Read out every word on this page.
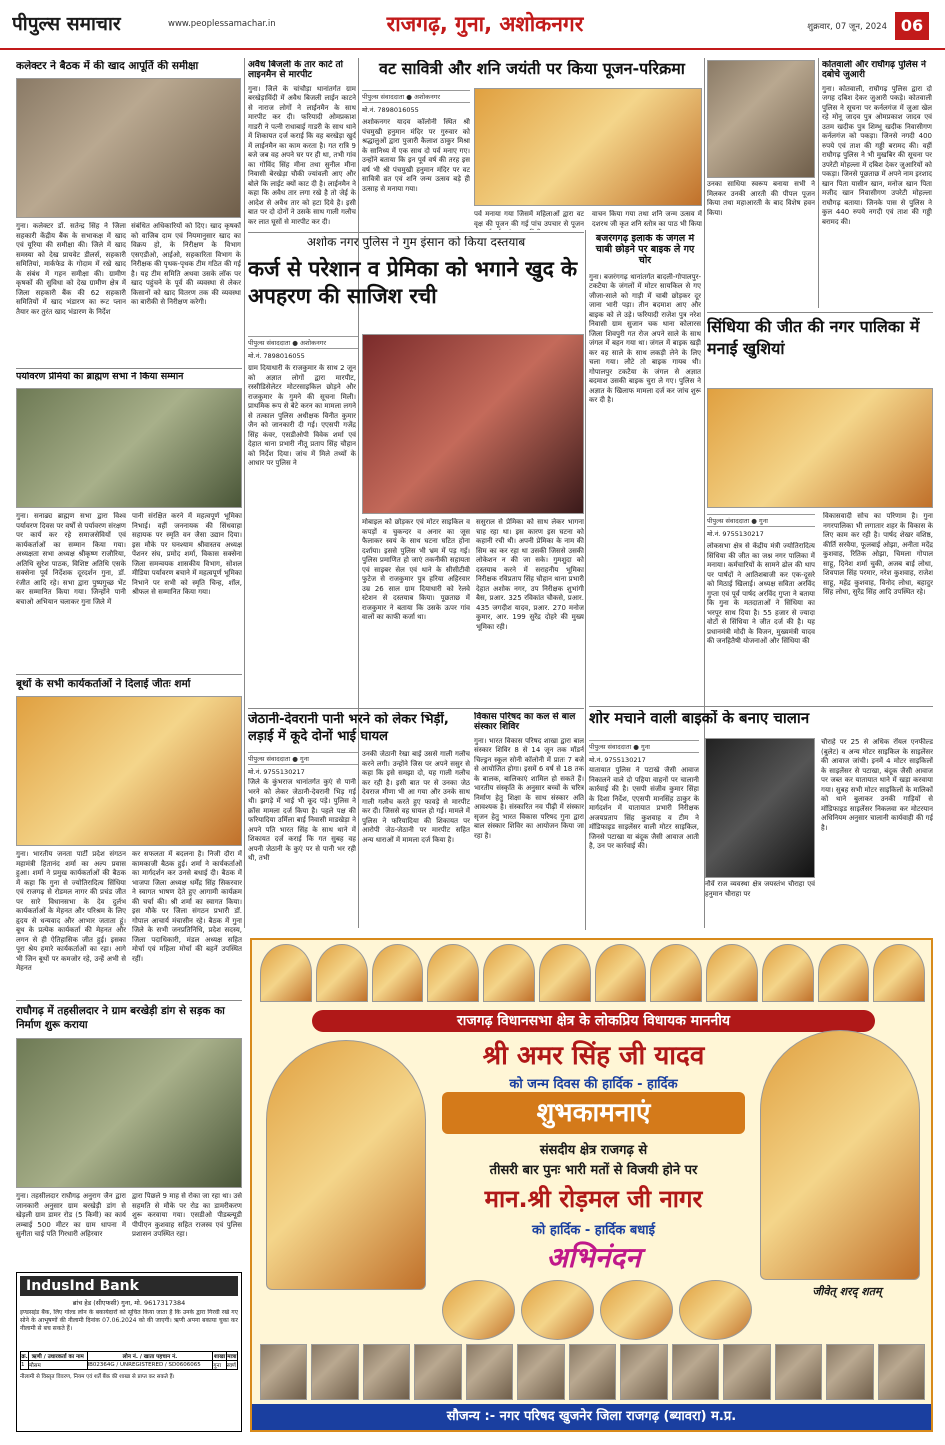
पीपुल्स समाचार	www.peoplessamachar.in	राजगढ़, गुना, अशोकनगर	शुक्रवार, 07 जून, 2024 06
कलेक्टर ने बैठक में की खाद आपूर्ति की समीक्षा
गुना। कलेक्टर डॉ. सतेन्द्र सिंह ने जिला सहकारी केंद्रीय बैंक के सभाकक्ष में खाद एवं यूरिया की समीक्षा की। जिले में खाद समस्या को देख प्रायवेट डीलर्स, सहकारी समितियां, मार्कफेड के गोदाम में रखे खाद के संबंध में गहन समीक्षा की। ग्रामीण कृषकों की सुविधा को देख ग्रामीण क्षेत्र में जिला सहकारी बैंक की 62 सहकारी समितियों में खाद भंडारण का रूट प्लान तैयार कर तुरंत खाद भंडारण के निर्देश
संबंधित अधिकारियों को दिए। खाद कृषकों को वाजिब दाम एवं नियमानुसार खाद का विक्रय हो, के निरीक्षण के विभाग एसएडीओ, आईओ, सहकारिता विभाग के निरीक्षक की पृथक-पृथक टीम गठित की गई है। यह टीम समिति अथवा उसके लॉक पर खाद पहुंचने के पूर्व की व्यवस्था से लेकर किसानों को खाद वितरण तक की व्यवस्था का बारीकी से निरीक्षण करेगी।
अवैध बिजली के तार काटे तो लाइनमैन से मारपीट
गुना। जिले के चांचौड़ा थानांतर्गत ग्राम बरखेड़ाविंदी में अवैध बिजली लाईन काटने से नाराज लोगों ने लाईनमैन के साथ मारपीट कर दी। फरियादी ओमप्रकाश गाडरी ने पत्नी राधाबाई गाडरी के साथ थाने में शिकायत दर्ज कराई कि वह बरखेड़ा खुर्द में लाईनमैन का काम करता है। गत रात्रि 9 बजे जब वह अपने घर पर ही था, तभी गांव का गोविंद सिंह मीना तथा सुनील मीना निवासी बेरखेड़ा चौकी ज्यांवली आए और बोले कि लाईट क्यों काट दी है। लाईनमैन ने कहा कि अवैध तार लगा रखे है तो जेई के आदेश से अवैध तार को हटा दिये है। इसी बात पर दो दोनों ने उसके साथ गाली गलौच कर लात घूसों से मारपीट कर दी।
वट सावित्री और शनि जयंती पर किया पूजन-परिक्रमा
पीपुल्स संवाददाता ● अशोकनगर
मो.नं. 7898016055
अशोकनगर यादव कॉलोनी स्थित श्री पंचमुखी हनुमान मंदिर पर गुरुवार को श्रद्धालुओं द्वारा पुजारी कैलाश ठाकुर मिश्रा के सानिध्य में एक साथ दो पर्व मनाए गए। उन्होंने बताया कि इन पूर्व वर्ष की तरह इस वर्ष भी श्री पंचमुखी हनुमान मंदिर पर वट सावित्री व्रत एवं शनि जन्म उत्सव बड़े ही उत्साह से मनाया गया।
पर्व मनाया गया जिसमें महिलाओं द्वारा वट वृक्ष की पूजन की गई पांच उपचार से पूजन
वाचन किया गया तथा शनि जन्म उत्सव में दशरथ जी कृत शनि स्तोत्र का पाठ भी किया
उनका साधिया स्वरूप बनाया सभी ने मिलकर उनकी आरती की पीपल पूजन किया तथा महाआरती के बाद विशेष हवन किया।
कोतवाली और राघौगढ़ पुलिस ने दबोचे जुआरी
गुना। कोतवाली, राघौगढ़ पुलिस द्वारा दो जगह दबिश देकर जुआरी पकड़े। कोतवाली पुलिस ने सूचना पर कर्नलगंज में जुआ खेल रहे मोनू जादव पुत्र ओमप्रकाश जादव एवं उतम खदीक पुत्र शिम्भू खदीक निवासीगण कर्नलगंज को पकड़ा। जिनसे नगदी 400 रुपये एवं ताश की गड्डी बरामद की। वहीं राघौगढ़ पुलिस ने भी मुखबिर की सूचना पर उपरेटी मोहल्ला में दबिश देकर जुआरियों को पकड़ा। जिनसे पूछताछ में अपने नाम इरशाद खान पिता यासीन खान, मनोज खान पिता मजीद खान निवासीगण उपरेटी मोहल्ला राघौगढ़ बताया। जिनके पास से पुलिस ने कुल 440 रुपये नगदी एवं ताश की गड्डी बरामद की।
पर्यावरण प्रेमियों का ब्राह्मण सभा ने किया सम्मान
गुना। सनाढ्य ब्राह्मण सभा द्वारा विश्व पर्यावरण दिवस पर वर्षों से पर्यावरण संरक्षण पर कार्य कर रहे समाजसेवियों एवं कार्यकर्ताओं का सम्मान किया गया। अध्यक्षता सभा अध्यक्ष श्रीकृष्ण राजौरिया, अतिथि सुरेश पाठक, विशिष्ट अतिथि एसके सक्सेना पूर्व निर्देशक दूरदर्शन गुना, डॉ. रंजीत आदि रहे। सभा द्वारा पुष्पगुच्छ भेंट कर सम्मानित किया गया। जिन्होंने पानी बचाओ अभियान चलाकर गुना जिले में
पानी संरक्षित करने में महत्वपूर्ण भूमिका निभाई। वहीं जननायक की सिंधवाहा सहायक पर स्मृति वन जैसा उद्यान दिया। इस मौके पर घनश्याम श्रीवास्तव अध्यक्ष पेंशनर संघ, प्रमोद शर्मा, विकास सक्सेना जिला समन्वयक शासकीय विभाग, सोशल मीडिया पर्यावरण बचाने में महत्वपूर्ण भूमिका निभाने पर सभी को स्मृति चिन्ह, शॉल, श्रीफल से सम्मानित किया गया।
अशोक नगर पुलिस ने गुम इंसान को किया दस्तयाब
कर्ज से परेशान व प्रेमिका को भगाने खुद के अपहरण की साजिश रची
पीपुल्स संवाददाता ● अशोकनगर
मो.नं. 7898016055
ग्राम दियाधारी के राजकुमार के साथ 2 जून को अज्ञात लोगों द्वारा मारपीट, रस्सीडिसेलेटर मोटरसाइकिल छोड़ने और राजकुमार के गुमने की सूचना मिली। प्राथमिक रूप से बेटे करन का मामला लगने से तत्काल पुलिस अधीक्षक विनीत कुमार जैन को जानकारी दी गई। एएसपी गजेंद्र सिंह कंवर, एसडीओपी विवेक शर्मा एवं देहात थाना प्रभारी नीतू प्रताप सिंह चौहान को निर्देश दिया। जांच में मिले तथ्यों के आधार पर पुलिस ने
मोबाइल को छोड़कर एवं मोटर साइकिल व कपड़ों व चुकन्दर व अनार का जूस फैलाकर स्वयं के साथ घटना घटित होना दर्शाया। इससे पुलिस भी भ्रम में पड़ गई। पुलिस प्रमाणित हो जाएं तकनीकी सहायता एवं साइबर सेल एवं थाने के सीसीटीवी फुटेज से राजकुमार पुत्र हरिया अहिरवार उम्र 26 साल ग्राम दियाधारी को रेलवे स्टेशन से दस्तयाब किया। पूछताछ में राजकुमार ने बताया कि उसके ऊपर गांव वालों का काफी कर्जा था।
ससुराल से प्रेमिका को साथ लेकर भागना चाह रहा था। इस कारण इस घटना को कहानी रची थी। अपनी प्रेमिका के नाम की सिम का कर रहा था उसकी जिससे उसकी लोकेशन न की जा सके। गुमशुदा को दस्तयाब करने में सराहनीय भूमिका निरीक्षक रविप्रताप सिंह चौहान थाना प्रभारी देहात अशोक नगर, उप निरीक्षक शुभांगी बैस, प्रआर. 325 रविकांत चौकसे, प्रआर. 435 जगदीश यादव, प्रआर. 270 मनोज कुमार, आर. 199 सुरेंद्र दोहरे की मुख्य भूमिका रही।
बजरंगगढ़ इलाके के जंगल में चाबी छोड़ने पर बाइक ले गए चोर
गुना। बजरंगगढ़ थानांतर्गत बादली-गोपालपुर-टकटैया के जंगलों में मोटर सायकिल से गए जीजा-साले को गाड़ी में चाबी छोड़कर दूर जाना भारी पड़ा। तीन बदमाश आए और बाइक को ले उड़े। फरियादी राजेश पुत्र नरेश निवासी ग्राम सुजान चक थाना कोलारस जिला शिवपुरी गत रोज अपने साले के साथ जंगल में बहन गया था। जंगल में बाइक खड़ी कर वह साले के साथ लकड़ी लेने के लिए चला गया। लौटे तो बाइक गायब थी। गोपालपुर टकटैया के जंगल से अज्ञात बदमाश उसकी बाइक चुरा ले गए। पुलिस ने अज्ञात के खिलाफ मामला दर्ज कर जांच शुरू कर दी है।
सिंधिया की जीत की नगर पालिका में मनाई खुशियां
पीपुल्स संवाददाता ● गुना
मो.नं. 9755130217
लोकसभा क्षेत्र से केंद्रीय मंत्री ज्योतिरादित्य सिंधिया की जीत का जश्न नगर पालिका में मनाया। कर्मचारियों के सामने ढोल की थाप पर पार्षदों ने आतिशबाजी कर एक-दूसरे को मिठाई खिलाई। अध्यक्ष सविता अरविंद गुप्ता एवं पूर्व पार्षद अरविंद गुप्ता ने बताया कि गुना के मतदाताओं ने सिंधिया का भरपूर साथ दिया है। 55 हजार से ज्यादा वोटों से सिंधिया ने जीत दर्ज की है। यह प्रधानमंत्री मोदी के विजन, मुख्यमंत्री यादव की जनहितैषी योजनाओं और सिंधिया की
विकासवादी सोच का परिणाम है। गुना नगरपालिका भी लगातार शहर के विकास के लिए काम कर रही है। पार्षद शेखर वशिष्ठ, कीर्ति सरवैया, फूलबाई ओझा, अनीता मदेंद्र कुशवाह, रितिक ओझा, चिमला गोपाल साहू, दिनेश शर्मा चुकी, अजब बाई लोधा, शिवपाल सिंह परमार, नरेश कुशवाह, राजेश साहू, महेंद्र कुशवाह, विनोद लोधा, बहादुर सिंह लोधा, सुरेंद्र सिंह आदि उपस्थित रहे।
बूथों के सभी कार्यकर्ताओं ने दिलाई जीतः शर्मा
गुना। भारतीय जनता पार्टी प्रदेश संगठन महामंत्री हितानंद शर्मा का अल्प प्रवास हुआ। शर्मा ने प्रमुख कार्यकर्ताओं की बैठक में कहा कि गुना से ज्योतिरादित्य सिंधिया एवं राजगढ़ से रोडमल नागर की प्रचंड जीत पर सारे विधानसभा के देव दुर्लभ कार्यकर्ताओं के मेहनत और परिश्रम के लिए हृदय से धन्यवाद और आभार जताता हूं। बूथ के प्रत्येक कार्यकर्ता की मेहनत और लगन से ही ऐतिहासिक जीत हुई। इसका पूरा श्रेय हमारे कार्यकर्ताओं का रहा। आगे भी जिन बूथों पर कमजोर रहे, उन्हें अभी से मेहनत
कर सफलता में बदलना है। निजी दौरा में कामकाजी बैठक हुई। शर्मा ने कार्यकर्ताओं का मार्गदर्शन कर उनसे बधाई दी। बैठक में भाजपा जिला अध्यक्ष धर्मेंद्र सिंह सिकरवार ने स्वागत भाषण देते हुए आगामी कार्यक्रम की चर्चा की। श्री शर्मा का स्वागत किया। इस मौके पर जिला संगठन प्रभारी डॉ. गोपाल आचार्य मंचासीन रहे। बैठक में गुना जिले के सभी जनप्रतिनिधि, प्रदेश सदस्य, जिला पदाधिकारी, मंडल अध्यक्ष सहित मोर्चा एवं महिला मोर्चा की बहनें उपस्थित रहीं।
जेठानी-देवरानी पानी भरने को लेकर भिड़ीं, लड़ाई में कूदे दोनों भाई घायल
पीपुल्स संवाददाता ● गुना
मो.नं. 9755130217
जिले के कुंभराज थानांतर्गत कुएं से पानी भरने को लेकर जेठानी-देवरानी भिड़ गई थी। झगड़े में भाई भी कूद पड़े। पुलिस ने क्रॉस मामला दर्ज किया है। पहले पक्ष की फरियादिया उर्मिला बाई निवासी माडखेड़ा ने अपने पति भारत सिंह के साथ थाने में शिकायत दर्ज कराई कि गत सुबह वह अपनी जेठानी के कुएं पर से पानी भर रही थी, तभी
उनकी जेठानी रेखा बाई उससे गाली गलौच करने लगी। उन्होंने जिस पर अपने ससुर से कहा कि इसे समझा दो, यह गाली गलौच कर रही है। इसी बात पर से उनका जेठ देवराज मीणा भी आ गया और उनके साथ गाली गलौच करते हुए फावड़े से मारपीट कर दी। जिससे वह घायल हो गई। मामले में पुलिस ने फरियादिया की शिकायत पर आरोपी जेठ-जेठानी पर मारपीट सहित अन्य धाराओं में मामला दर्ज किया है।
विकास परिषद का कल से बाल संस्कार शिविर
गुना। भारत विकास परिषद शाखा द्वारा बाल संस्कार शिविर 8 से 14 जून तक मॉडर्न चिल्ड्रन स्कूल सोनी कॉलोनी में प्रातः 7 बजे से आयोजित होगा। इसमें 6 वर्ष से 18 तक के बालक, बालिकाएं शामिल हो सकते हैं। भारतीय संस्कृति के अनुसार बच्चों के चरित्र निर्माण हेतु शिक्षा के साथ संस्कार अति आवश्यक है। संस्कारित नव पीढ़ी में संस्कार सृजन हेतु भारत विकास परिषद गुना द्वारा बाल संस्कार शिविर का आयोजन किया जा रहा है।
शोर मचाने वाली बाइकों के बनाए चालान
पीपुल्स संवाददाता ● गुना
मो.नं. 9755130217
यातायात पुलिस ने पटाखे जैसी आवाज निकालने वाले दो पहिया वाहनों पर चालानी कार्रवाई की है। एसपी संजीव कुमार सिंहा के दिशा निर्देश, एएसपी मानसिंह ठाकुर के मार्गदर्शन में यातायात प्रभारी निरीक्षक अजयप्रताप सिंह कुशवाह व टीम ने मॉडिफाइड साइलेंसर वाली मोटर साइकिल, जिनसे पटाखा या बंदूक जैसी आवाज आती है, उन पर कार्रवाई की।
नौवें राज व्यवस्था क्षेत्र जयस्तंभ चौराहा एवं हनुमान चौराहा पर
चौराहे पर 25 से अधिक रॉयल एनफील्ड (बुलेट) व अन्य मोटर साइकिल के साइलेंसर की आवाज जांची। इनमें 4 मोटर साइकिलों के साइलेंसर से पटाखा, बंदूक जैसी आवाज पर जब्त कर यातायात थाने में खड़ा करवाया गया। सुबह सभी मोटर साइकिलों के मालिकों को थाने बुलाकर उनकी गाड़ियों से मॉडिफाइड साइलेंसर निकलवा कर मोटरयान अधिनियम अनुसार चालानी कार्यवाही की गई है।
राघौगढ़ में तहसीलदार ने ग्राम बरखेड़ी डांग से सड़क का निर्माण शुरू कराया
गुना। तहसीलदार राघौगढ़ अनुराग जैन द्वारा जानकारी अनुसार ग्राम बरखेड़ी डांग से खेड़ली ग्राम डामर रोड (5 किमी) का कार्य लम्बाई 500 मीटर का ग्राम धापना में सुनीता चाई पति गिरधारी अहिरवार
द्वारा पिछले 9 माह से रोका जा रहा था। उसे सहमति से मौके पर रोड का डामरीकरण शुरू करवाया गया। एसडीओ पीडब्ल्यूडी पीपीएन कुशवाह सहित राजस्व एवं पुलिस प्रशासन उपस्थित रहा।
IndusInd Bank
ब्रांच हेड (सीएफसी) गुना, मो. 9617317384
इण्डसइंड बैंक, लिए गोल्ड लोन के बकायेदारों को सूचित किया जाता है कि उनके द्वारा गिरवी रखे गए सोने के आभूषणों की नीलामी दिनांक 07.06.2024 को की जाएगी। ऋणी अपना बकाया चुका कर नीलामी से बच सकते हैं।
क्र.	ऋणी / उधारकर्ता का नाम	लोन नं. / खाता पहचान नं.	शाखा	मात्रा
1	मौसम	IB02364G / UNREGISTERED / SD0606065	गुना	स्वर्ण
नीलामी से विस्तृत विवरण, नियम एवं शर्तें बैंक की शाखा से प्राप्त कर सकते हैं।
राजगढ़ विधानसभा क्षेत्र के लोकप्रिय विधायक माननीय
श्री अमर सिंह जी यादव
को जन्म दिवस की हार्दिक - हार्दिक
शुभकामनाएं
संसदीय क्षेत्र राजगढ़ से
तीसरी बार पुनः भारी मतों से विजयी होने पर
मान.श्री रोड़मल जी नागर
को हार्दिक - हार्दिक बधाई
अभिनंदन
जीवेत् शरद् शतम्
सौजन्य :- नगर परिषद खुजनेर जिला राजगढ़ (ब्यावरा) म.प्र.
